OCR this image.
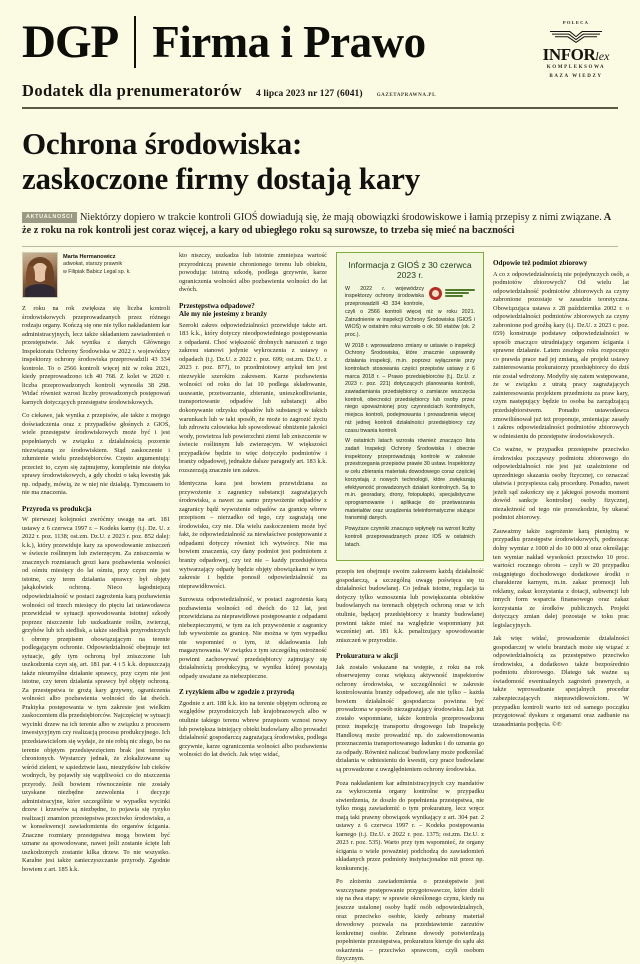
DGP Firma i Prawo
Dodatek dla prenumeratorów 4 lipca 2023 nr 127 (6041)	GAZETAPRAWNA.PL
POLECA
INFORlex
KOMPLEKSOWA
BAZA WIEDZY
Ochrona środowiska:
zaskoczone firmy dostają kary
AKTUALNOŚCI Niektórzy dopiero w trakcie kontroli GIOŚ dowiadują się, że mają obowiązki środowiskowe i łamią przepisy z nimi związane. A że z roku na rok kontroli jest coraz więcej, a kary od ubiegłego roku są surowsze, to trzeba się mieć na baczności
Marta Hermanowicz
adwokat, starszy prawnik
w Filipiak Babicz Legal sp. k.

Z roku na rok zwiększa się liczba kontroli środowiskowych przeprowadzanych przez różnego rodzaju organy. Kończą się one nie tylko nakładaniem kar administracyjnych, lecz także składaniem zawiadomień o przestępstwie. Jak wynika z danych Głównego Inspektoratu Ochrony Środowiska w 2022 r. wojewódzcy inspektorzy ochrony środowiska przeprowadzili 43 334 kontrole. To o 2566 kontroli więcej niż w roku 2021, kiedy przeprowadzono ich 40 768. Z kolei w 2020 r. liczba przeprowadzonych kontroli wynosiła 38 298. Widać również wzrost liczby prowadzonych postępowań karnych dotyczących przestępstw środowiskowych.

Co ciekawe, jak wynika z przepisów, ale także z mojego doświadczenia oraz z przypadków głośnych z GIOŚ, wiele przestępstw środowiskowych może być i jest popełnianych w związku z działalnością pozornie niezwiązaną ze środowiskiem. Stąd zaskoczenie i zdumienie wielu przedsiębiorców. Często argumentują: przecież to, czym się zajmujemy, kompletnie nie dotyka sprawy środowiskowych, a gdy chodzi o taką kwestię jak np. odpady, mówią, że w niej nie działają. Tymczasem to nie ma znaczenia.

Przyroda vs produkcja

W pierwszej kolejności zwróćmy uwagę na art. 181 ustawy z 6 czerwca 1997 r. – Kodeks karny (t.j. Dz. U. z 2022 r. poz. 1138; ost.zm. Dz.U. z 2023 r. poz. 852 dalej: k.k.), który przewiduje kary za spowodowanie zniszczeń w świecie roślinnym lub zwierzęcym. Za zniszczenia w znacznych rozmiarach grozi kara pozbawienia wolności od ośmiu miesięcy do lat ośmiu, przy czym nie jest istotne, czy teren działania sprawcy był objęty jakąkolwiek ochroną. Nieco łagodniejszą odpowiedzialność w postaci zagrożenia karą pozbawienia wolności od trzech miesięcy do pięciu lat ustawodawca przewidział w sytuacji spowodowania istotnej szkody poprzez niszczenie lub uszkadzanie roślin, zwierząt, grzybów lub ich siedlisk, a także siedlisk przyrodniczych i obrony przepisem obowiązującym na terenie podlegającym ochronie. Odpowiedzialność obejmuje też sytuacje, gdy tym ochroną był zniszczone lub uszkodzenia czyn się, art. 181 par. 4 i 5 k.k. dopuszczają także nieumyślne działanie sprawcy, przy czym nie jest istotne, czy teren działania sprawcy był objęty ochroną. Za przestępstwa te grożą kary grzywny, ograniczenia wolności albo pozbawienia wolności do lat dwóch. Praktyka postępowania w tym zakresie jest wielkim zaskoczeniem dla przedsiębiorców. Najczęściej w sytuacji wycinki drzew na ich terenie albo w związku z procesem inwestycyjnym czy realizacją procesu produkcyjnego. Ich przedstawicielom się wydaje, że nie robią nic złego, bo na terenie objętym przedsięwzięciem brak jest terenów chronionych. Wystarczy jednak, że zlokalizowane są wśród zieleni, w sąsiedztwie lasu, nieużytków lub cieków wodnych, by pojawiły się wątpliwości co do niszczenia przyrody. Jeśli bowiem równocześnie nie zostały uzyskane niezbędne zezwolenia i decyzje administracyjne, które szczególnie w wypadku wycinki drzew i krzewów są niezbędne, to pojawia się ryzyko realizacji znamion przestępstwa przeciwko środowisku, a w konsekwencji zawiadomienia do organów ścigania. Znaczne rozmiary przestępstwa mogą bowiem być uznane za spowodowane, nawet jeśli zostanie ścięte lub uszkodzonych zostanie kilka drzew. To nie wszystko. Karalne jest także zanieczyszczanie przyrody. Zgodnie bowiem z art. 185 k.k.

kto niszczy, uszkadza lub istotnie zmniejsza wartość przyrodniczą prawnie chronionego terenu lub obiektu, powodując istotną szkodę, podlega grzywnie, karze ograniczenia wolności albo pozbawienia wolności do lat dwóch.

Przestępstwa odpadowe?
Ale my nie jesteśmy z branży

Szeroki zakres odpowiedzialności przewiduje także art. 183 k.k., który dotyczy nieodpowiedniego postępowania z odpadami. Choć większość drobnych naruszeń z tego zakresu stanowi jedynie wykroczenia z ustawy o odpadach (t.j. Dz.U. z 2022 r. poz. 699; ost.zm. Dz.U. z 2023 r. poz. 877), to przedmiotowy artykuł ten jest niezwykle szerokim zakresem. Karze pozbawienia wolności od roku do lat 10 podlega składowanie, usuwanie, przetwarzanie, zbieranie, unieszkodliwianie, transportowanie odpadów lub substancji albo dokonywanie odzysku odpadów lub substancji w takich warunkach lub w taki sposób, że może to zagrozić życiu lub zdrowiu człowieka lub spowodować obniżenie jakości wody, powietrza lub powierzchni ziemi lub zniszczenie w świecie roślinnym lub zwierzęcym. W większości przypadków będzie to więc dotyczyło podmiotów i branży odpadowej, jednakże dalsze paragrafy art. 183 k.k. rozszerzają znacznie ten zakres.

Identyczna kara jest bowiem przewidziana za przywożenie z zagranicy substancji zagrażających środowisku, a nawet za samo przywożenie odpadów z zagranicy bądź wywożenie odpadów za granicę wbrew przepisom – nierzadko od tego, czy zagrażają one środowisku, czy nie. Dla wielu zaskoczeniem może być fakt, że odpowiedzialność za niewłaściwe postępowanie z odpadami dotyczy również ich wytwórcy. Nie ma bowiem znaczenia, czy dany podmiot jest podmiotem z branży odpadowej, czy też nie – każdy przedsiębiorca wytwarzający odpady będzie objęty obowiązkami w tym zakresie i będzie ponosił odpowiedzialność za nieprawidłowości.

Surowsza odpowiedzialność, w postaci zagrożenia karą pozbawienia wolności od dwóch do 12 lat, jest przewidziana za nieprawidłowe postępowanie z odpadami niebezpiecznymi, w tym za ich przywożenie z zagranicy lub wywożenie za granicę. Nie można w tym wypadku nie wspomnieć o tym, iż skladowania lub magazynowania. W związku z tym szczególną ostrożność powinni zachowywać przedsiębiorcy zajmujący się działalnością produkcyjną, w wyniku której powstają odpady uważane za niebezpieczne.

Z ryzykiem albo w zgodzie z przyrodą

Zgodnie z art. 188 k.k. kto na terenie objętym ochroną ze względów przyrodniczych lub krajobrazowych albo w otulinie takiego terenu wbrew przepisom wznosi nowy lub powiększa istniejący obiekt budowlany albo prowadzi działalność gospodarczą zagrażającą środowisku, podlega grzywnie, karze ograniczenia wolności albo pozbawienia wolności do lat dwóch. Jak więc widać,

Informacja z GIOŚ z 30 czerwca 2023 r.

W 2022 r. wojewódzcy inspektorzy ochrony środowiska przeprowadzili 43 334 kontrole, czyli o 2566 kontroli więcej niż w roku 2021. Zatrudnienie w inspekcji Ochrony Środowiska (GIOŚ i WIOŚ) w ostatnim roku wzrosło o ok. 50 etatów (ok. 2 proc.).

W 2018 r. wprowadzono zmiany w ustawie o inspekcji Ochrony Środowiska, które znacznie usprawniły działania inspekcji, m.in. poprzez wyłączenie przy kontrolach stosowania części przepisów ustawy z 6 marca 2018 r. – Prawo przedsiębiorców (t.j. Dz.U. z 2023 r. poz. 221) dotyczących planowania kontroli, zawiadamiania przedsiębiorcy o zamiarze wszczęcia kontroli, obecności przedsiębiorcy lub osoby przez niego upoważnionej przy czynnościach kontrolnych, miejsca kontroli, podejmowania i prowadzenia więcej niż jednej kontroli działalności przedsiębiorcy czy czasu trwania kontroli.

W ostatnich latach wzrosła również znacząco lista zadań Inspekcji Ochrony Środowiska i obecnie inspektorzy przeprowadzają kontrole w zakresie przestrzegania przepisów prawie 30 ustaw. Inspektorzy w celu zbierania materiału dowodowego coraz częściej korzystają z nowych technologii, które zwiększają efektywność prowadzonych działań kontrolnych. Są to m.in. georadary, drony, fotopułapki, specjalistyczne oprogramowanie i aplikacje do przetwarzania materiałów oraz urządzenia teleinformatyczne służące transmisji danych.

Powyższe czynniki znacząco wpłynęły na wzrost liczby kontroli przeprowadzanych przez IOŚ w ostatnich latach.

przepis ten obejmuje swoim zakresem każdą działalność gospodarczą, a szczególną uwagę poświęca się tu działalności budowlanej. Co jednak istotne, regulacja ta dotyczy tylko wznoszenia lub powiększania obiektów budowlanych na terenach objętych ochroną oraz w ich otulinie, będącej przedsiębiorcy z branży budowlanej powinni także mieć na względzie wspomniany już wcześniej art. 181 k.k. penalizujący spowodowanie zniszczeń w przyrodzie.

Prokuratura w akcji

Jak zostało wskazane na wstępie, z roku na rok obserwujemy coraz większą aktywność inspektorów ochrony środowiska, w szczególności w zakresie kontrolowania branży odpadowej, ale nie tylko – każda bowiem działalność gospodarcza powinna być prowadzona w sposób niezagrażający środowisku. Jak już zostało wspomniane, także kontrola przeprowadzona przez inspekcję transportu drogowego lub Inspekcję Handlową może prowadzić np. do zakwestionowania przeznaczenia transportowanego ładunku i do uznania go za odpady. Również naliczać budowlany może podkreślać działania w odniesieniu do kwestii, czy prace budowlane są prowadzone z uwzględnieniem ochrony środowiska.

Poza nakładaniem kar administracyjnych czy mandatów za wykroczenia organy kontrolne w przypadku stwierdzenia, że doszło do popełnienia przestępstwa, nie tylko mogą zawiadomić o tym prokuraturę, lecz wręcz mają taki prawny obowiązek wynikający z art. 304 par. 2 ustawy z 6 czerwca 1997 r. – Kodeks postępowania karnego (t.j. Dz.U. z 2022 r. poz. 1375; ost.zm. Dz.U. z 2023 r. poz. 535). Warto przy tym wspomnieć, że organy ścigania o wiele poważniej podchodzą do zawiadomień składanych przez podmioty instytucjonalne niż przez np. konkurencję.

Po złożeniu zawiadomienia o przestępstwie jest wszczynane postępowanie przygotowawcze, które dzieli się na dwa etapy: w sprawie określonego czynu, kiedy na jeszcze ustalonej osoby bądź osób odpowiedzialnych, oraz przeciwko osobie, kiedy zebrany materiał dowodowy pozwala na przedstawienie zarzutów konkretnej osobie. Zebrane dowody potwierdzają popełnienie przestępstwa, prokuratura kieruje do sądu akt oskarżenia – przeciwko sprawcom, czyli osobom fizycznym.

Odpowie też podmiot zbiorowy

A co z odpowiedzialnością nie pojedynczych osób, a podmiotów zbiorowych? Od wielu lat odpowiedzialność podmiotów zbiorowych za czyny zabronione pozostaje w zasadzie teoretyczna. Obowiązująca ustawa z 28 października 2002 r. o odpowiedzialności podmiotów zbiorowych za czyny zabronione pod groźbą kary (t.j. Dz.U. z 2023 r. poz. 659) konstruuje podstawy odpowiedzialności w sposób znacząco utrudniający organom ścigania i sprawne działanie. Latem zeszłego roku rozpoczęto co prawda prace nad jej zmianą, ale projekt ustawy zainteresowania prokuratorzy przedsiębiorcy do dziś nie został wdrożony. Modyfiy się zatem wstępowane, że w związku z utratą pracy zagrażających zainteresowania projektem przedmiotu za praw kary, czym następujący będzie to osoba ba zarządzającą przedsiębiorstwem. Ponadto ustawodawca zmowiliśnował już też proponuje, zmieniając zasady i zakres odpowiedzialności podmiotów zbiorowych w odniesieniu do przestępstw środowiskowych.

Co ważne, w przypadku przestępstw przeciwko środowisku począwszy podmiotu zbiorowego do odpowiedzialności nie jest już uzależnione od uprzedniego skazania osoby fizycznej, co oznaczać ułatwia i przyspiesza całą procedurę. Ponadto, nawet jeżeli sąd zakończy się z jakiegoś powodu moment dowód sankcje kontrolnej osoby fizycznej, niezależność od tego nie przeszkodzie, by ukarać podmiot zbiorowy.

Zauważmy także zagrożenie karą pieniężną w przypadku przestępstw środowiskowych, podnosząc dolny wymiar z 1000 zł do 10 000 zł oraz określając ten wymiar nakład wysokości przeciwko 10 proc. wartości rocznego obrotu – czyli w 20 przypadku osiągniętego dochodowego dodatkowe środki o charakterze karnym, m.in. zakaz promocji lub reklamy, zakaz korzystania z dotacji, subwencji lub innych form wsparcia finansowego oraz zakaz korzystania ze środków publicznych. Projekt dotyczący zmian dalej pozostaje w toku prac legislacyjnych.

Jak więc widać, prowadzenie działalności gospodarczej w wielu branżach może się wiązać z odpowiedzialnością za przestępstwo przeciwko środowisku, a dodatkowo także bezpośrednio podmiotu zbiorowego. Dlatego tak ważne są świadomość ewentualnych zagrożeń prawnych, a także wprowadzanie specjalnych procedur zabezpieczających nieprawidłowościom. W przypadku kontroli warto też od samego początku przygotować dyskurs z organami oraz zadbanie na uzasadniania podjęcia. ©℗
